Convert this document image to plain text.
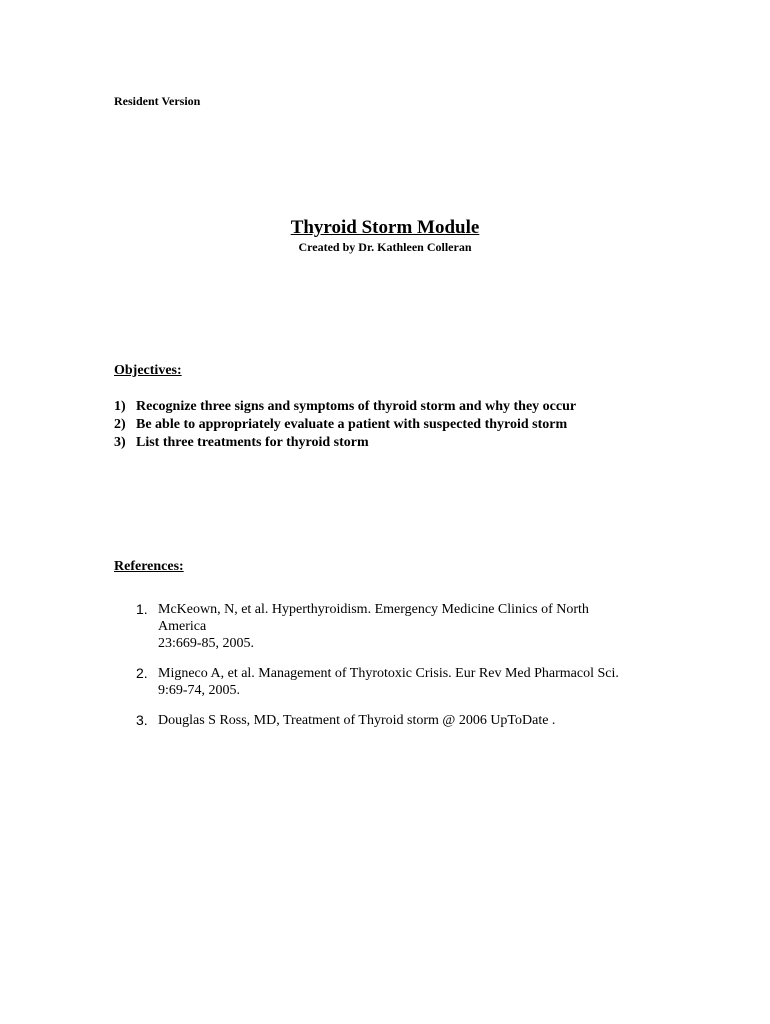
Resident Version

Thyroid Storm Module

Created by Dr. Kathleen Colleran

Objectives:

1) Recognize three signs and symptoms of thyroid storm and why they occur
2) Be able to appropriately evaluate a patient with suspected thyroid storm
3) List three treatments for thyroid storm

References:

1. McKeown, N, et al. Hyperthyroidism. Emergency Medicine Clinics of North
America
23:669-85, 2005.
2. Migneco A, et al. Management of Thyrotoxic Crisis. Eur Rev Med Pharmacol Sci.
9:69-74, 2005.
3. Douglas S Ross, MD, Treatment of Thyroid storm @ 2006 UpToDate .
